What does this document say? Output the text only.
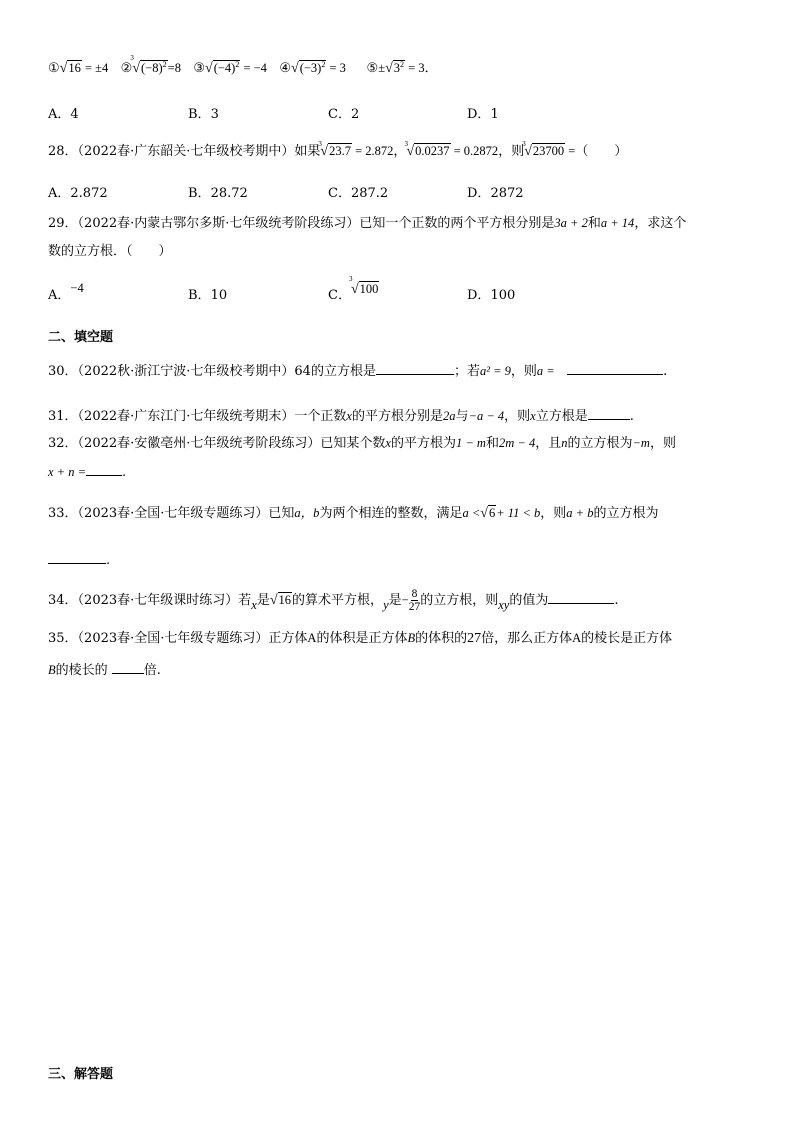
①√16 = ±4 ②
3
$√(-8)^2=8$ $③√(-4)^2 = -4$ $④√(-3)^2 = 3$ $⑤\pm√3^2 = 3$．
A．4	B．3	C．2	D．1
28．（2022春·广东韶关·七年级校考期中）如果
3
√23.7 = 2.872，
3
√0.0237 = 0.2872，则
3
√23700 =（　　）
A．2.872	B．28.72	C．287.2	D．2872
29．（2022春·内蒙古鄂尔多斯·七年级统考阶段练习）已知一个正数的两个平方根分别是3a + 2和a + 14，求这个
数的立方根．（　　）
A．−4	B．10	C．
3
√100	D．100
二、填空题
30．（2022秋·浙江宁波·七年级校考期中）64的立方根是	；若a² = 9，则a =	.
31．（2022春·广东江门·七年级统考期末）一个正数x的平方根分别是2a与−a − 4，则x立方根是	.
32．（2022春·安徽亳州·七年级统考阶段练习）已知某个数x的平方根为1 − m和2m − 4，且n的立方根为−m，则
x + n =	.
33．（2023春·全国·七年级专题练习）已知a，b为两个相连的整数，满足a <√6+ 11 < b，则a + b的立方根为
.
34．（2023春·七年级课时练习）若x是√16的算术平方根，y是− $\frac{8}{27}$ 的立方根，则xy的值为	.
35．（2023春·全国·七年级专题练习）正方体A的体积是正方体B的体积的27倍，那么正方体A的棱长是正方体
B的棱长的	倍.
三、解答题
